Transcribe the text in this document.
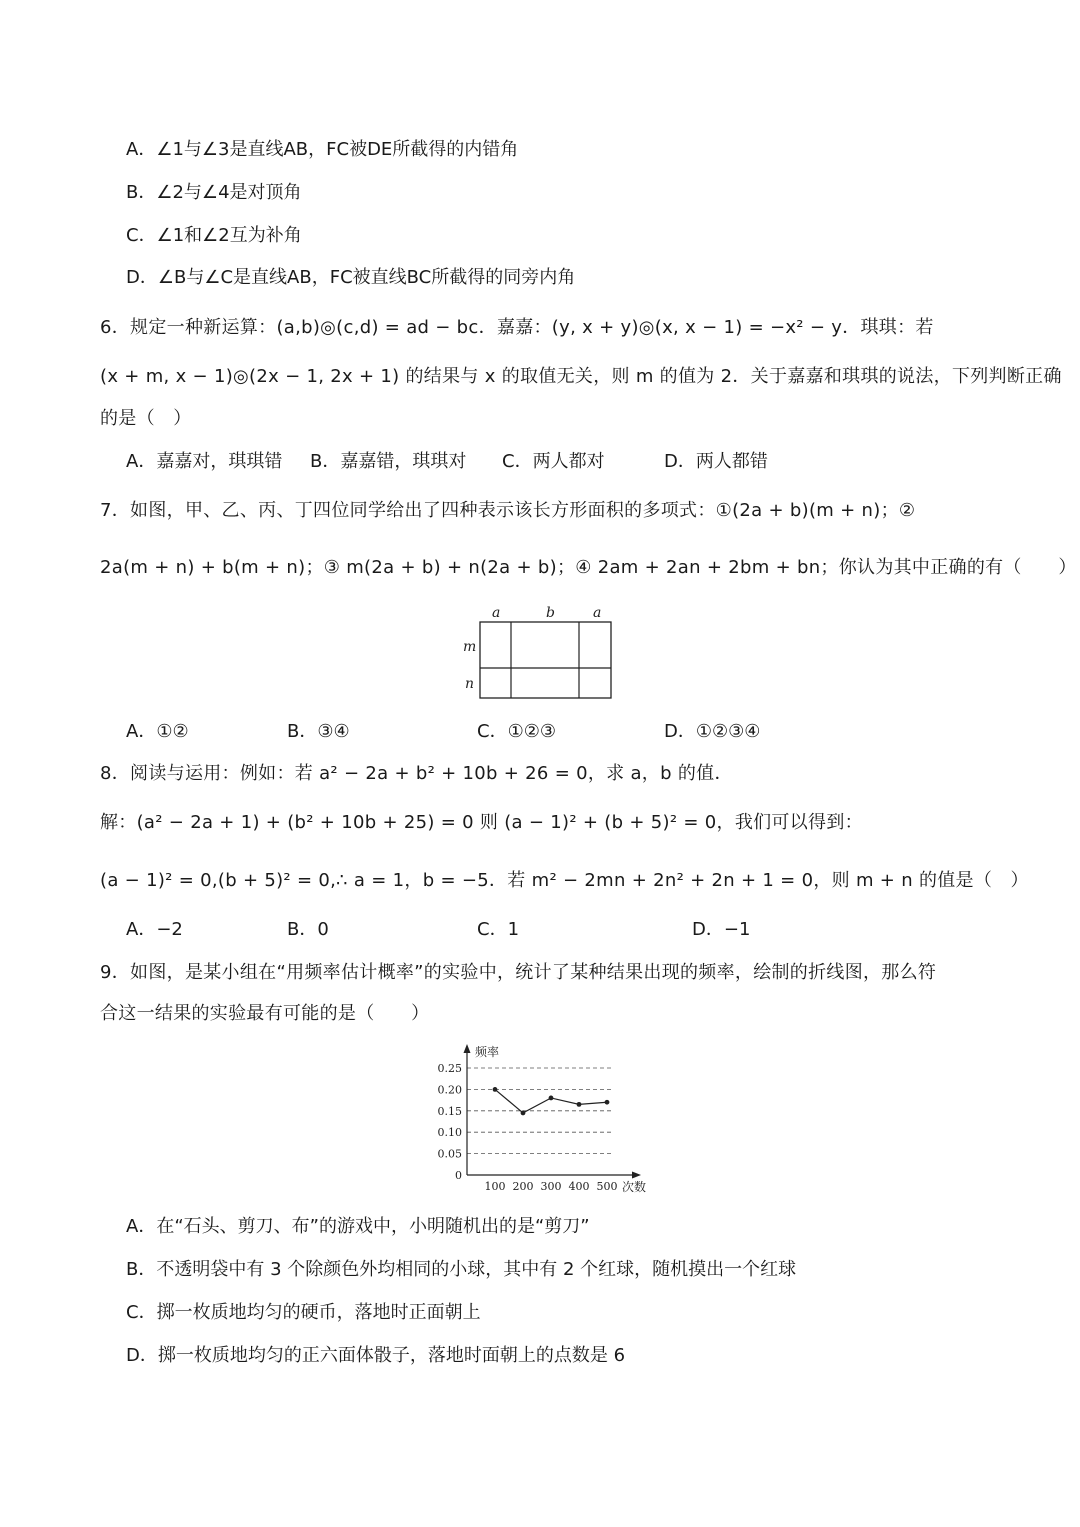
A．∠1与∠3是直线AB，FC被DE所截得的内错角
B．∠2与∠4是对顶角
C．∠1和∠2互为补角
D．∠B与∠C是直线AB，FC被直线BC所截得的同旁内角
6．规定一种新运算：(a,b)◎(c,d) = ad − bc．嘉嘉：(y, x + y)◎(x, x − 1) = −x² − y．琪琪：若
(x + m, x − 1)◎(2x − 1, 2x + 1) 的结果与 x 的取值无关，则 m 的值为 2．关于嘉嘉和琪琪的说法，下列判断正确
的是（　）
A．嘉嘉对，琪琪错 B．嘉嘉错，琪琪对 C．两人都对	D．两人都错
7．如图，甲、乙、丙、丁四位同学给出了四种表示该长方形面积的多项式：①(2a + b)(m + n)；②
2a(m + n) + b(m + n)；③ m(2a + b) + n(2a + b)；④ 2am + 2an + 2bm + bn；你认为其中正确的有（　　）
a	b	a
m
n
A．①②	B．③④	C．①②③	D．①②③④
8．阅读与运用：例如：若 a² − 2a + b² + 10b + 26 = 0，求 a，b 的值．
解：(a² − 2a + 1) + (b² + 10b + 25) = 0 则 (a − 1)² + (b + 5)² = 0，我们可以得到：
(a − 1)² = 0,(b + 5)² = 0,∴ a = 1，b = −5．若 m² − 2mn + 2n² + 2n + 1 = 0，则 m + n 的值是（　）
A．−2	B．0	C．1	D．−1
9．如图，是某小组在“用频率估计概率”的实验中，统计了某种结果出现的频率，绘制的折线图，那么符
合这一结果的实验最有可能的是（　　）
0
0.05
0.10
0.15
0.20
0.25
频率
次数
100 200 300 400 500
A．在“石头、剪刀、布”的游戏中，小明随机出的是“剪刀”
B．不透明袋中有 3 个除颜色外均相同的小球，其中有 2 个红球，随机摸出一个红球
C．掷一枚质地均匀的硬币，落地时正面朝上
D．掷一枚质地均匀的正六面体骰子，落地时面朝上的点数是 6
